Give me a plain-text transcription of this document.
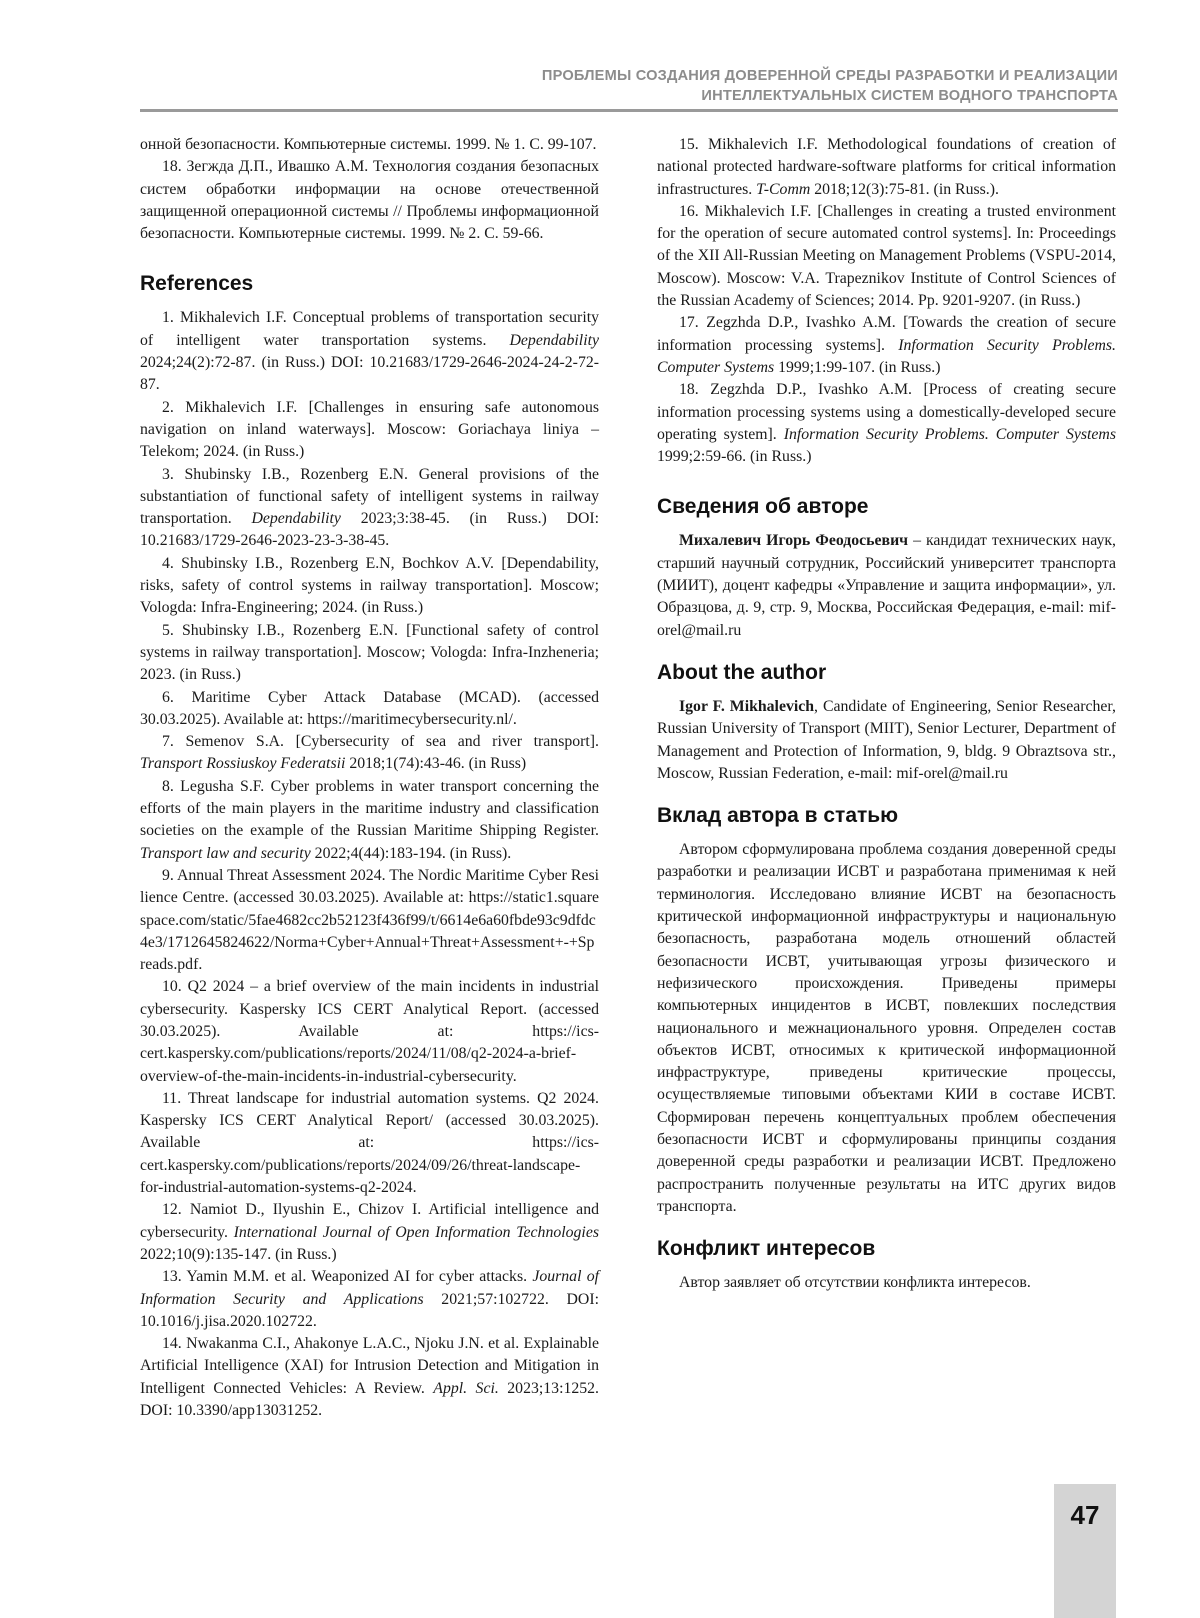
ПРОБЛЕМЫ СОЗДАНИЯ ДОВЕРЕННОЙ СРЕДЫ РАЗРАБОТКИ И РЕАЛИЗАЦИИ
ИНТЕЛЛЕКТУАЛЬНЫХ СИСТЕМ ВОДНОГО ТРАНСПОРТА

онной безопасности. Компьютерные системы. 1999. № 1. С. 99-107.

18. Зегжда Д.П., Ивашко А.М. Технология создания безопасных систем обработки информации на основе отечественной защищенной операционной системы // Проблемы информационной безопасности. Компьютерные системы. 1999. № 2. С. 59-66.

References

1. Mikhalevich I.F. Conceptual problems of transportation security of intelligent water transportation systems. Dependability 2024;24(2):72-87. (in Russ.) DOI: 10.21683/1729-2646-2024-24-2-72-87.

2. Mikhalevich I.F. [Challenges in ensuring safe autonomous navigation on inland waterways]. Moscow: Goriachaya liniya – Telekom; 2024. (in Russ.)

3. Shubinsky I.B., Rozenberg E.N. General provisions of the substantiation of functional safety of intelligent systems in railway transportation. Dependability 2023;3:38-45. (in Russ.) DOI: 10.21683/1729-2646-2023-23-3-38-45.

4. Shubinsky I.B., Rozenberg E.N, Bochkov A.V. [Dependability, risks, safety of control systems in railway transportation]. Moscow; Vologda: Infra-Engineering; 2024. (in Russ.)

5. Shubinsky I.B., Rozenberg E.N. [Functional safety of control systems in railway transportation]. Moscow; Vologda: Infra-Inzheneria; 2023. (in Russ.)

6. Maritime Cyber Attack Database (MCAD). (accessed 30.03.2025). Available at: https://maritimecybersecurity.nl/.

7. Semenov S.A. [Cybersecurity of sea and river transport]. Transport Rossiuskoy Federatsii 2018;1(74):43-46. (in Russ)

8. Legusha S.F. Cyber problems in water transport concerning the efforts of the main players in the maritime industry and classification societies on the example of the Russian Maritime Shipping Register. Transport law and security 2022;4(44):183-194. (in Russ).

9. Annual Threat Assessment 2024. The Nordic Maritime Cyber Resilience Centre. (accessed 30.03.2025). Available at: https://static1.squarespace.com/static/5fae4682cc2b52123f436f99/t/6614e6a60fbde93c9dfdc4e3/1712645824622/Norma+Cyber+Annual+Threat+Assessment+-+Spreads.pdf.

10. Q2 2024 – a brief overview of the main incidents in industrial cybersecurity. Kaspersky ICS CERT Analytical Report. (accessed 30.03.2025). Available at: https://ics-cert.kaspersky.com/publications/reports/2024/11/08/q2-2024-a-brief-overview-of-the-main-incidents-in-industrial-cybersecurity.

11. Threat landscape for industrial automation systems. Q2 2024. Kaspersky ICS CERT Analytical Report/ (accessed 30.03.2025). Available at: https://ics-cert.kaspersky.com/publications/reports/2024/09/26/threat-landscape-for-industrial-automation-systems-q2-2024.

12. Namiot D., Ilyushin E., Chizov I. Artificial intelligence and cybersecurity. International Journal of Open Information Technologies 2022;10(9):135-147. (in Russ.)

13. Yamin M.M. et al. Weaponized AI for cyber attacks. Journal of Information Security and Applications 2021;57:102722. DOI: 10.1016/j.jisa.2020.102722.

14. Nwakanma C.I., Ahakonye L.A.C., Njoku J.N. et al. Explainable Artificial Intelligence (XAI) for Intrusion Detection and Mitigation in Intelligent Connected Vehicles: A Review. Appl. Sci. 2023;13:1252. DOI: 10.3390/app13031252.

15. Mikhalevich I.F. Methodological foundations of creation of national protected hardware-software platforms for critical information infrastructures. T-Comm 2018;12(3):75-81. (in Russ.).

16. Mikhalevich I.F. [Challenges in creating a trusted environment for the operation of secure automated control systems]. In: Proceedings of the XII All-Russian Meeting on Management Problems (VSPU-2014, Moscow). Moscow: V.A. Trapeznikov Institute of Control Sciences of the Russian Academy of Sciences; 2014. Pp. 9201-9207. (in Russ.)

17. Zegzhda D.P., Ivashko A.M. [Towards the creation of secure information processing systems]. Information Security Problems. Computer Systems 1999;1:99-107. (in Russ.)

18. Zegzhda D.P., Ivashko A.M. [Process of creating secure information processing systems using a domestically-developed secure operating system]. Information Security Problems. Computer Systems 1999;2:59-66. (in Russ.)

Сведения об авторе

Михалевич Игорь Феодосьевич – кандидат технических наук, старший научный сотрудник, Российский университет транспорта (МИИТ), доцент кафедры «Управление и защита информации», ул. Образцова, д. 9, стр. 9, Москва, Российская Федерация, e-mail: mif-orel@mail.ru

About the author

Igor F. Mikhalevich, Candidate of Engineering, Senior Researcher, Russian University of Transport (MIIT), Senior Lecturer, Department of Management and Protection of Information, 9, bldg. 9 Obraztsova str., Moscow, Russian Federation, e-mail: mif-orel@mail.ru

Вклад автора в статью

Автором сформулирована проблема создания доверенной среды разработки и реализации ИСВТ и разработана применимая к ней терминология. Исследовано влияние ИСВТ на безопасность критической информационной инфраструктуры и национальную безопасность, разработана модель отношений областей безопасности ИСВТ, учитывающая угрозы физического и нефизического происхождения. Приведены примеры компьютерных инцидентов в ИСВТ, повлекших последствия национального и межнационального уровня. Определен состав объектов ИСВТ, относимых к критической информационной инфраструктуре, приведены критические процессы, осуществляемые типовыми объектами КИИ в составе ИСВТ. Сформирован перечень концептуальных проблем обеспечения безопасности ИСВТ и сформулированы принципы создания доверенной среды разработки и реализации ИСВТ. Предложено распространить полученные результаты на ИТС других видов транспорта.

Конфликт интересов

Автор заявляет об отсутствии конфликта интересов.

47
